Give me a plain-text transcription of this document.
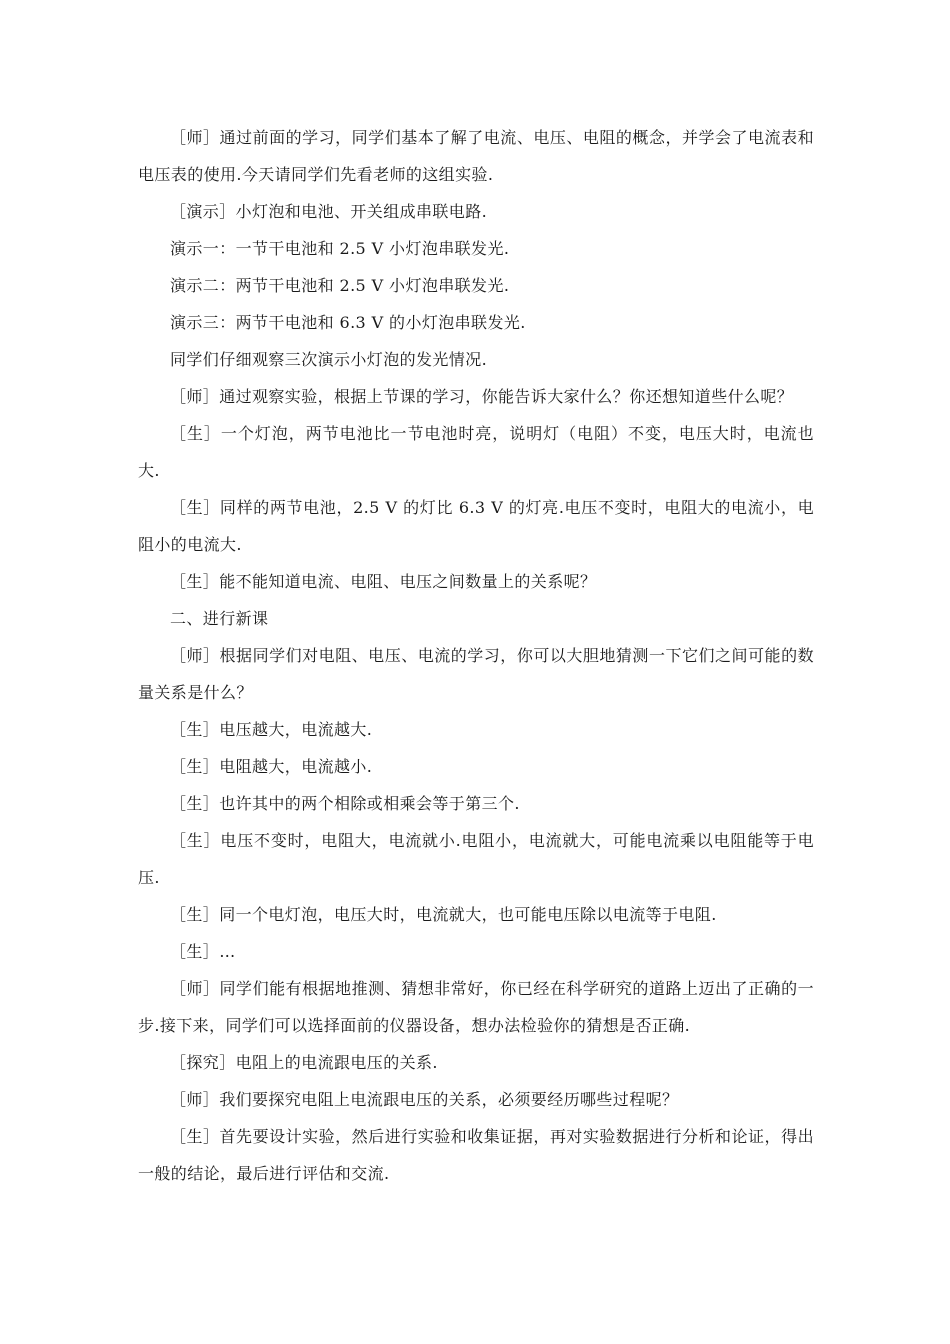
［师］通过前面的学习，同学们基本了解了电流、电压、电阻的概念，并学会了电流表和电压表的使用.今天请同学们先看老师的这组实验.

［演示］小灯泡和电池、开关组成串联电路.

演示一：一节干电池和 2.5 V 小灯泡串联发光.

演示二：两节干电池和 2.5 V 小灯泡串联发光.

演示三：两节干电池和 6.3 V 的小灯泡串联发光.

同学们仔细观察三次演示小灯泡的发光情况.

［师］通过观察实验，根据上节课的学习，你能告诉大家什么？你还想知道些什么呢？

［生］一个灯泡，两节电池比一节电池时亮，说明灯（电阻）不变，电压大时，电流也大.

［生］同样的两节电池，2.5 V 的灯比 6.3 V 的灯亮.电压不变时，电阻大的电流小，电阻小的电流大.

［生］能不能知道电流、电阻、电压之间数量上的关系呢？

二、进行新课

［师］根据同学们对电阻、电压、电流的学习，你可以大胆地猜测一下它们之间可能的数量关系是什么？

［生］电压越大，电流越大.

［生］电阻越大，电流越小.

［生］也许其中的两个相除或相乘会等于第三个.

［生］电压不变时，电阻大，电流就小.电阻小，电流就大，可能电流乘以电阻能等于电压.

［生］同一个电灯泡，电压大时，电流就大，也可能电压除以电流等于电阻.

［生］…

［师］同学们能有根据地推测、猜想非常好，你已经在科学研究的道路上迈出了正确的一步.接下来，同学们可以选择面前的仪器设备，想办法检验你的猜想是否正确.

［探究］电阻上的电流跟电压的关系.

［师］我们要探究电阻上电流跟电压的关系，必须要经历哪些过程呢？

［生］首先要设计实验，然后进行实验和收集证据，再对实验数据进行分析和论证，得出一般的结论，最后进行评估和交流.
